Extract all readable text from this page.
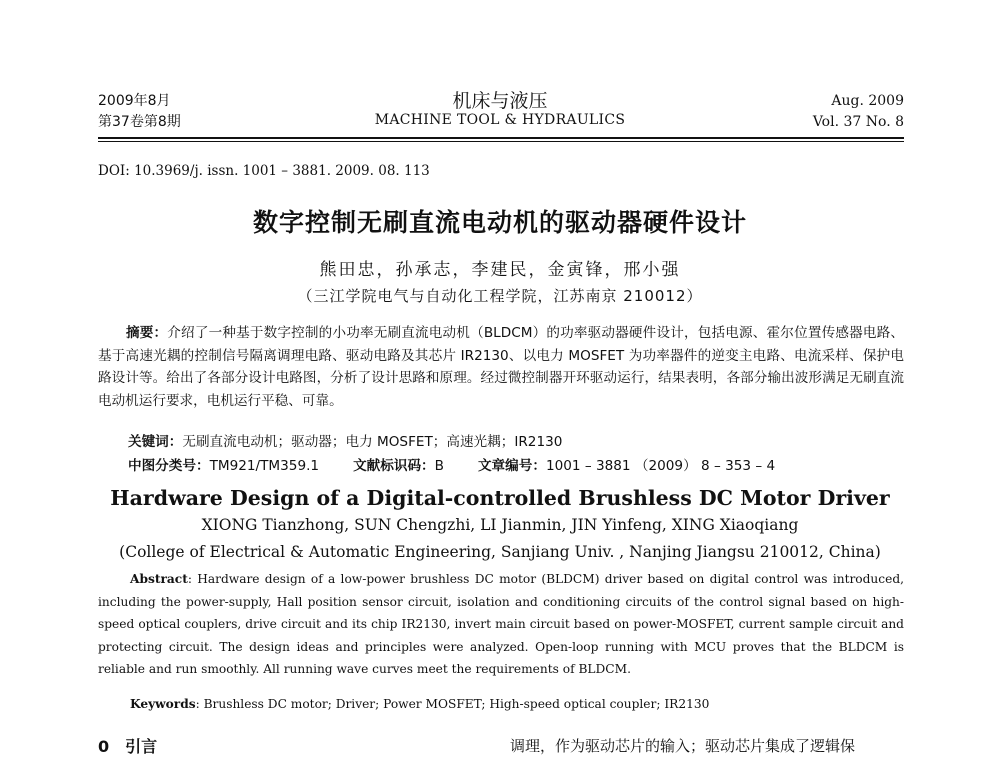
2009年8月
第37卷第8期
机床与液压
MACHINE TOOL & HYDRAULICS
Aug. 2009
Vol. 37 No. 8
DOI: 10.3969/j. issn. 1001 – 3881. 2009. 08. 113
数字控制无刷直流电动机的驱动器硬件设计
熊田忠，孙承志，李建民，金寅锋，邢小强
（三江学院电气与自动化工程学院，江苏南京 210012）
摘要：介绍了一种基于数字控制的小功率无刷直流电动机（BLDCM）的功率驱动器硬件设计，包括电源、霍尔位置传感器电路、基于高速光耦的控制信号隔离调理电路、驱动电路及其芯片 IR2130、以电力 MOSFET 为功率器件的逆变主电路、电流采样、保护电路设计等。给出了各部分设计电路图，分析了设计思路和原理。经过微控制器开环驱动运行，结果表明，各部分输出波形满足无刷直流电动机运行要求，电机运行平稳、可靠。
关键词：无刷直流电动机；驱动器；电力 MOSFET；高速光耦；IR2130
中图分类号：TM921/TM359.1	文献标识码：B	文章编号：1001 – 3881 （2009） 8 – 353 – 4
Hardware Design of a Digital-controlled Brushless DC Motor Driver
XIONG Tianzhong, SUN Chengzhi, LI Jianmin, JIN Yinfeng, XING Xiaoqiang
(College of Electrical & Automatic Engineering, Sanjiang Univ. , Nanjing Jiangsu 210012, China)
Abstract: Hardware design of a low-power brushless DC motor (BLDCM) driver based on digital control was introduced, including the power-supply, Hall position sensor circuit, isolation and conditioning circuits of the control signal based on high-speed optical couplers, drive circuit and its chip IR2130, invert main circuit based on power-MOSFET, current sample circuit and protecting circuit. The design ideas and principles were analyzed. Open-loop running with MCU proves that the BLDCM is reliable and run smoothly. All running wave curves meet the requirements of BLDCM.
Keywords: Brushless DC motor; Driver; Power MOSFET; High-speed optical coupler; IR2130
0　引言	调理，作为驱动芯片的输入；驱动芯片集成了逻辑保
